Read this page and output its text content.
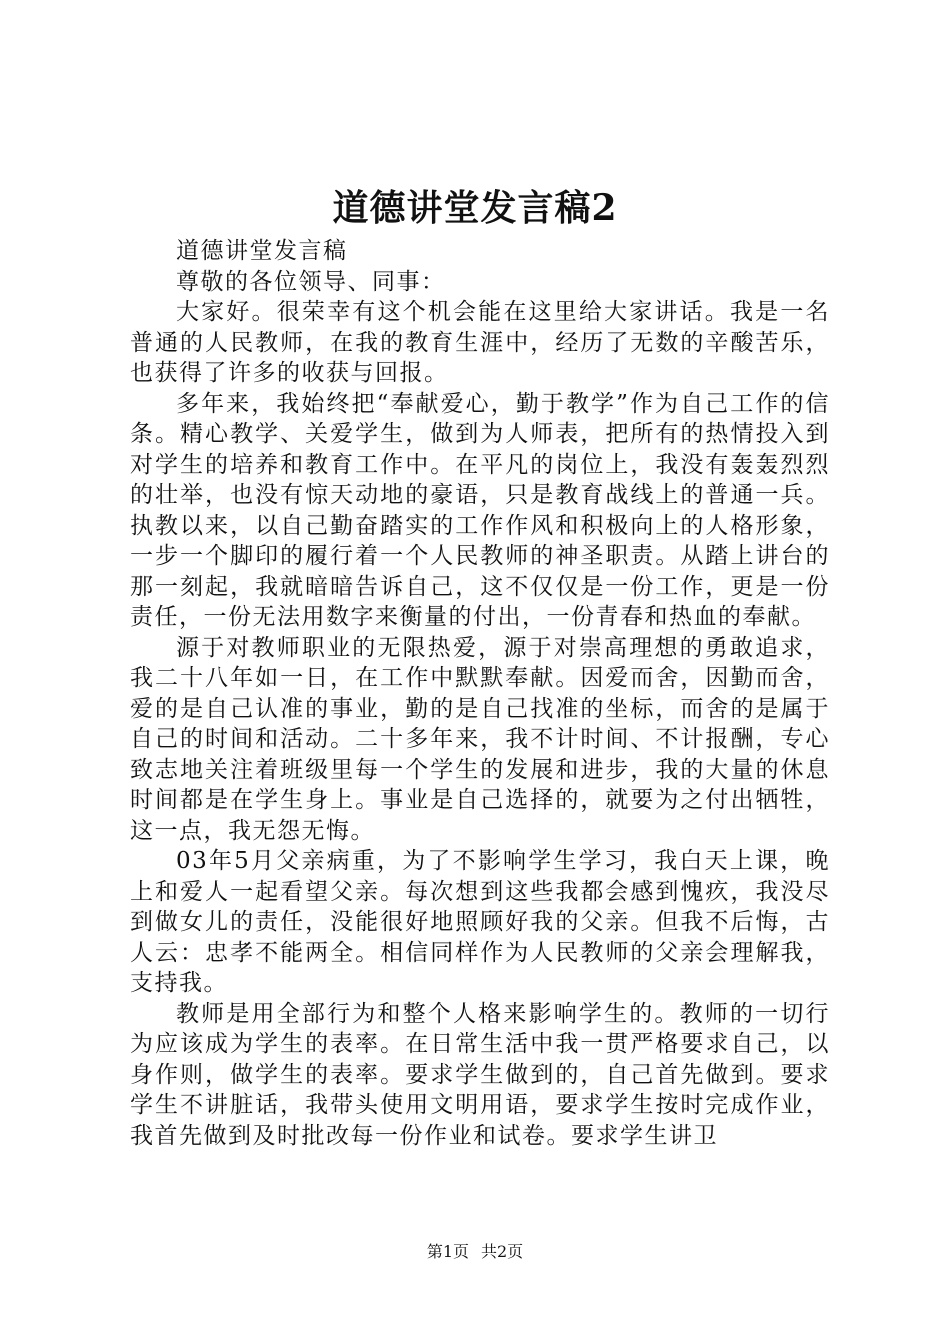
道德讲堂发言稿2

道德讲堂发言稿

尊敬的各位领导、同事：

大家好。很荣幸有这个机会能在这里给大家讲话。我是一名普通的人民教师，在我的教育生涯中，经历了无数的辛酸苦乐，也获得了许多的收获与回报。

多年来，我始终把“奉献爱心，勤于教学”作为自己工作的信条。精心教学、关爱学生，做到为人师表，把所有的热情投入到对学生的培养和教育工作中。在平凡的岗位上，我没有轰轰烈烈的壮举，也没有惊天动地的豪语，只是教育战线上的普通一兵。执教以来，以自己勤奋踏实的工作作风和积极向上的人格形象，一步一个脚印的履行着一个人民教师的神圣职责。从踏上讲台的那一刻起，我就暗暗告诉自己，这不仅仅是一份工作，更是一份责任，一份无法用数字来衡量的付出，一份青春和热血的奉献。

源于对教师职业的无限热爱，源于对崇高理想的勇敢追求，我二十八年如一日，在工作中默默奉献。因爱而舍，因勤而舍，爱的是自己认准的事业，勤的是自己找准的坐标，而舍的是属于自己的时间和活动。二十多年来，我不计时间、不计报酬，专心致志地关注着班级里每一个学生的发展和进步，我的大量的休息时间都是在学生身上。事业是自己选择的，就要为之付出牺牲，这一点，我无怨无悔。

03年5月父亲病重，为了不影响学生学习，我白天上课，晚上和爱人一起看望父亲。每次想到这些我都会感到愧疚，我没尽到做女儿的责任，没能很好地照顾好我的父亲。但我不后悔，古人云：忠孝不能两全。相信同样作为人民教师的父亲会理解我，支持我。

教师是用全部行为和整个人格来影响学生的。教师的一切行为应该成为学生的表率。在日常生活中我一贯严格要求自己，以身作则，做学生的表率。要求学生做到的，自己首先做到。要求学生不讲脏话，我带头使用文明用语，要求学生按时完成作业，我首先做到及时批改每一份作业和试卷。要求学生讲卫

第1页 共2页
